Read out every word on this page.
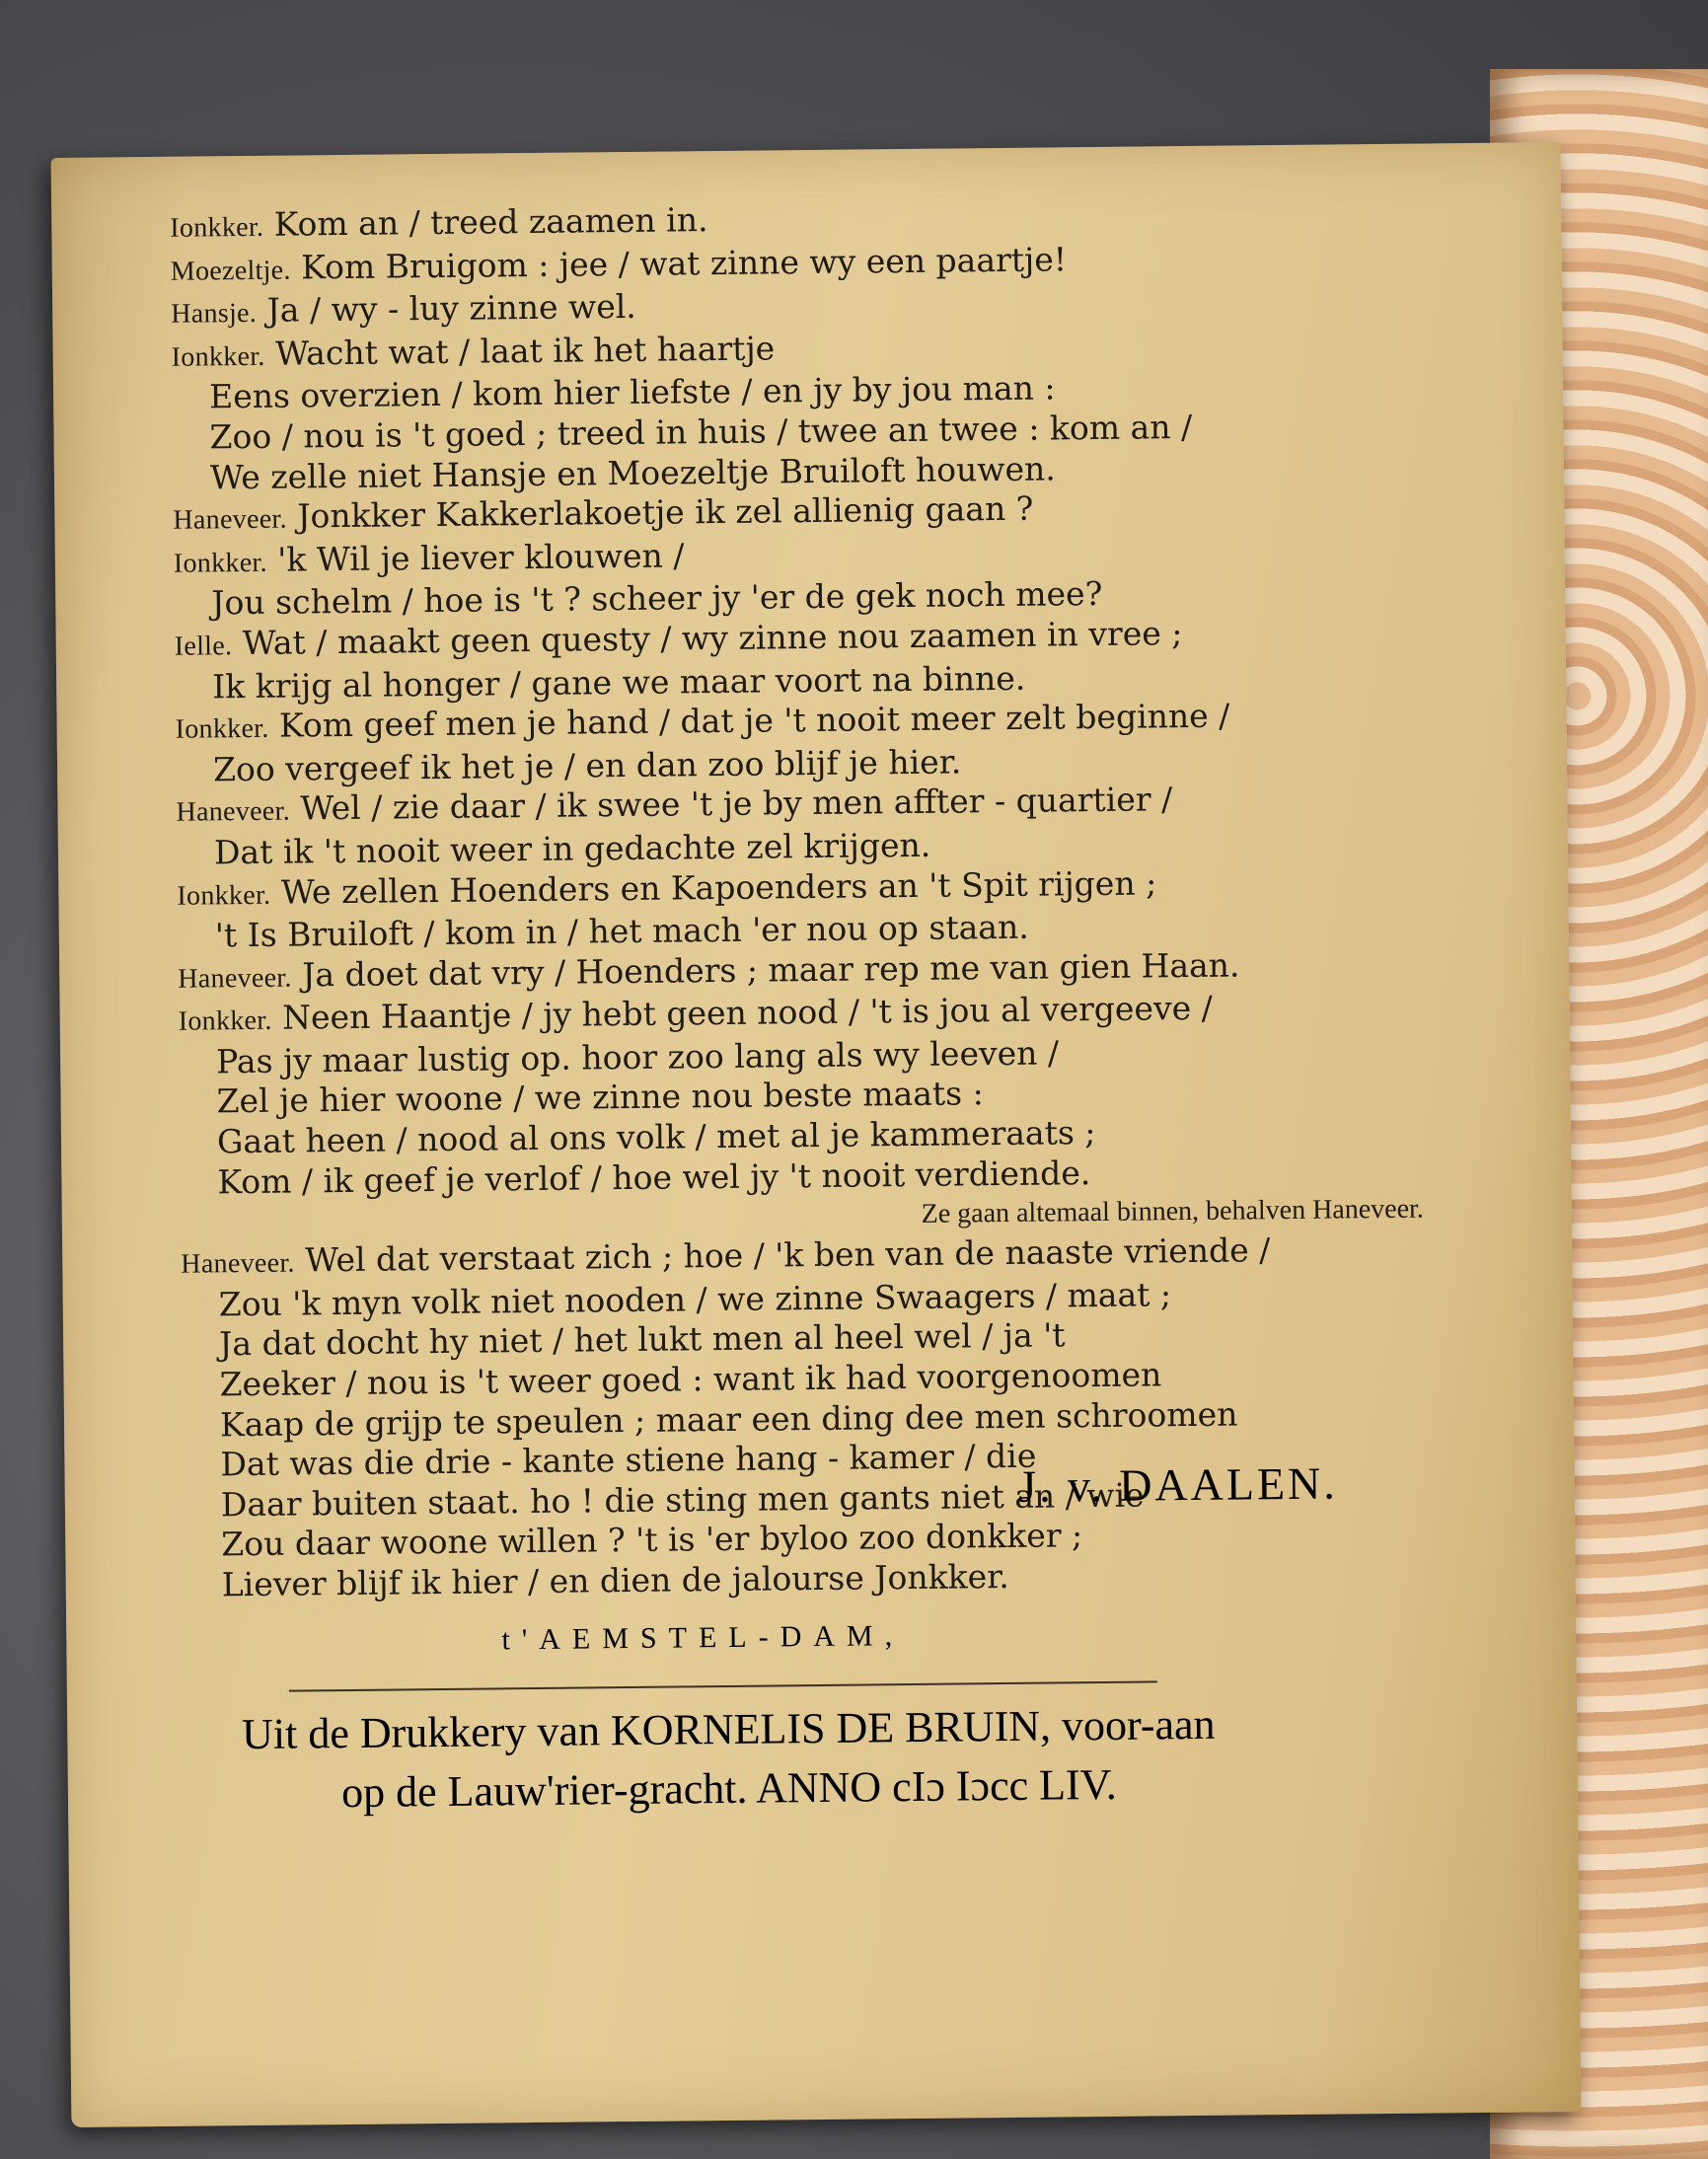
Ionkker. Kom an / treed zaamen in.
Moezeltje. Kom Bruigom : jee / wat zinne wy een paartje!
Hansje. Ja / wy - luy zinne wel.
Ionkker. Wacht wat / laat ik het haartje
Eens overzien / kom hier liefste / en jy by jou man :
Zoo / nou is 't goed ; treed in huis / twee an twee : kom an /
We zelle niet Hansje en Moezeltje Bruiloft houwen.
Haneveer. Jonkker Kakkerlakoetje ik zel allienig gaan ?
Ionkker. 'k Wil je liever klouwen /
Jou schelm / hoe is 't ? scheer jy 'er de gek noch mee?
Ielle. Wat / maakt geen questy / wy zinne nou zaamen in vree ;
Ik krijg al honger / gane we maar voort na binne.
Ionkker. Kom geef men je hand / dat je 't nooit meer zelt beginne /
Zoo vergeef ik het je / en dan zoo blijf je hier.
Haneveer. Wel / zie daar / ik swee 't je by men affter - quartier /
Dat ik 't nooit weer in gedachte zel krijgen.
Ionkker. We zellen Hoenders en Kapoenders an 't Spit rijgen ;
't Is Bruiloft / kom in / het mach 'er nou op staan.
Haneveer. Ja doet dat vry / Hoenders ; maar rep me van gien Haan.
Ionkker. Neen Haantje / jy hebt geen nood / 't is jou al vergeeve /
Pas jy maar lustig op. hoor zoo lang als wy leeven /
Zel je hier woone / we zinne nou beste maats :
Gaat heen / nood al ons volk / met al je kammeraats ;
Kom / ik geef je verlof / hoe wel jy 't nooit verdiende.
Ze gaan altemaal binnen, behalven Haneveer.
Haneveer. Wel dat verstaat zich ; hoe / 'k ben van de naaste vriende /
Zou 'k myn volk niet nooden / we zinne Swaagers / maat ;
Ja dat docht hy niet / het lukt men al heel wel / ja 't
Zeeker / nou is 't weer goed : want ik had voorgenoomen
Kaap de grijp te speulen ; maar een ding dee men schroomen
Dat was die drie - kante stiene hang - kamer / die
Daar buiten staat. ho ! die sting men gants niet an / wie
Zou daar woone willen ? 't is 'er byloo zoo donkker ;
Liever blijf ik hier / en dien de jalourse Jonkker.
J. v. DAALEN.
t'AEMSTEL-DAM,
Uit de Drukkery van KORNELIS DE BRUIN, voor-aan
op de Lauw'rier-gracht. ANNO cIɔ Iɔcc LIV.
